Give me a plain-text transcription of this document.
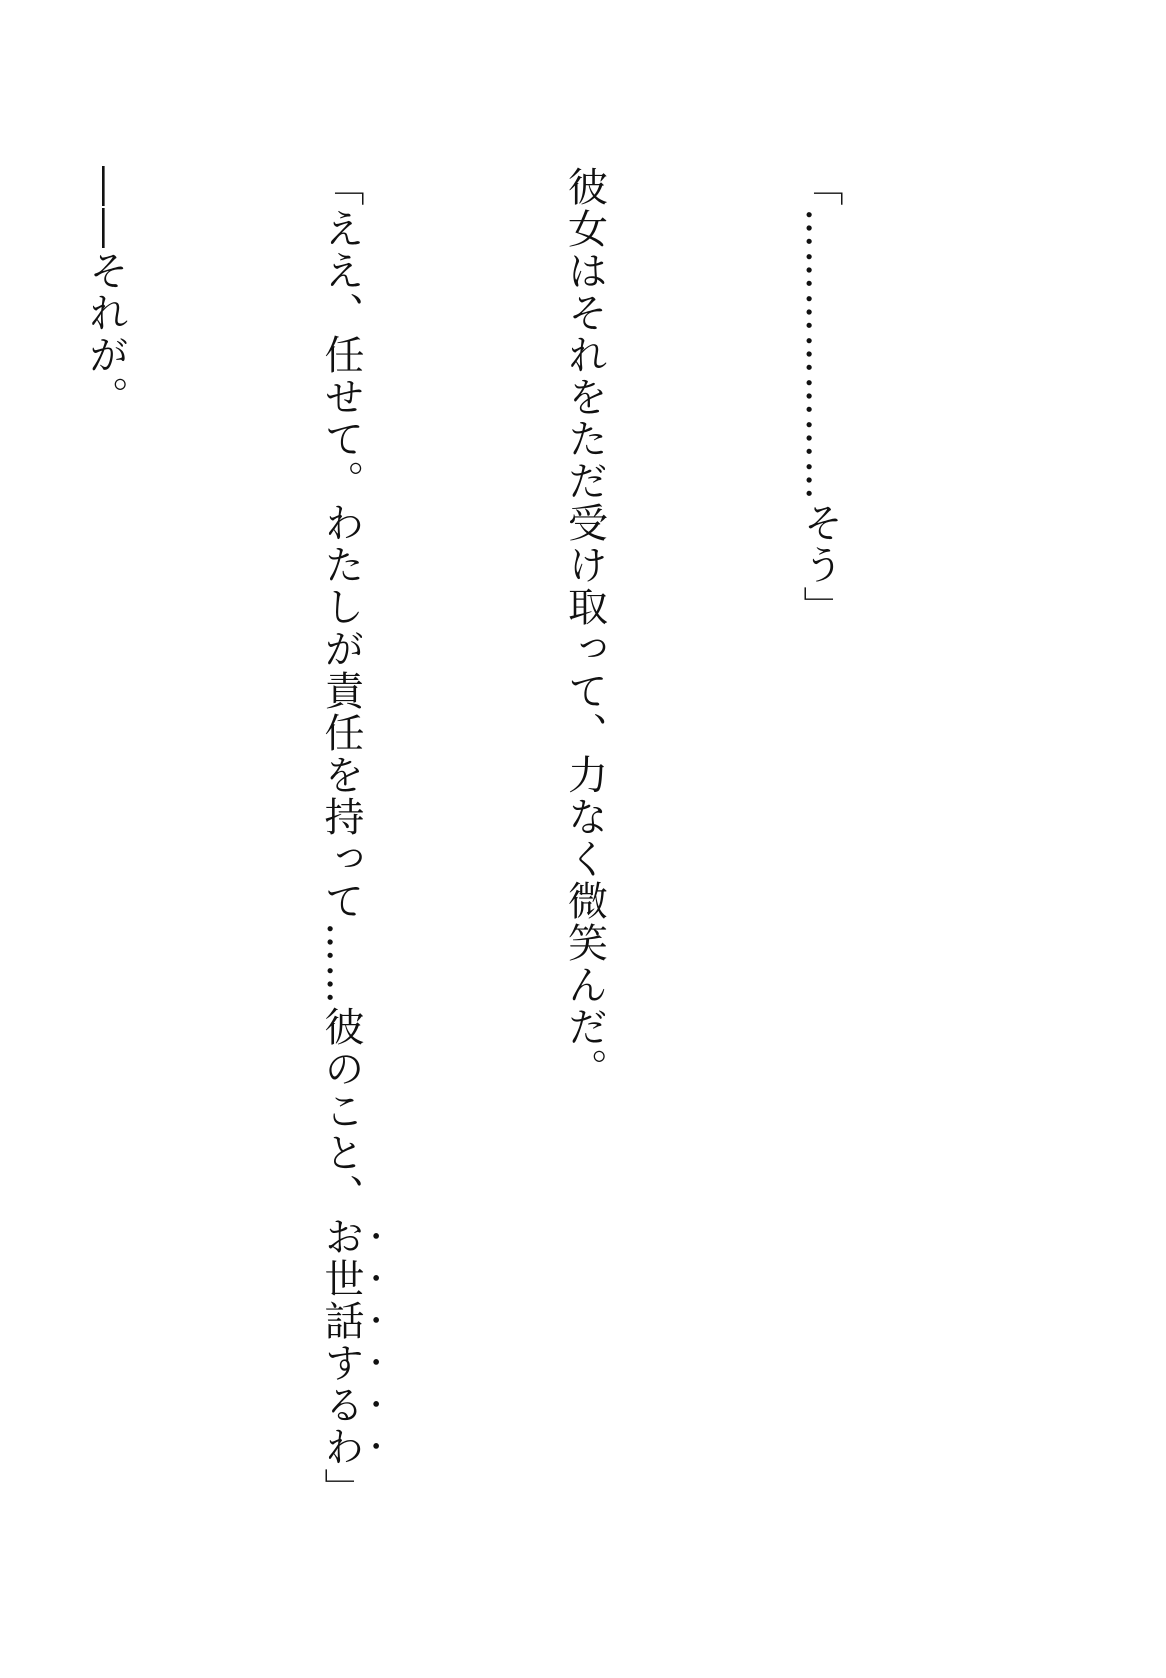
「…………………そう」

彼女はそれをただ受け取って、力なく微笑んだ。

「ええ、任せて。わたしが責任を持って……彼のこと、お世話するわ」

――それが。
